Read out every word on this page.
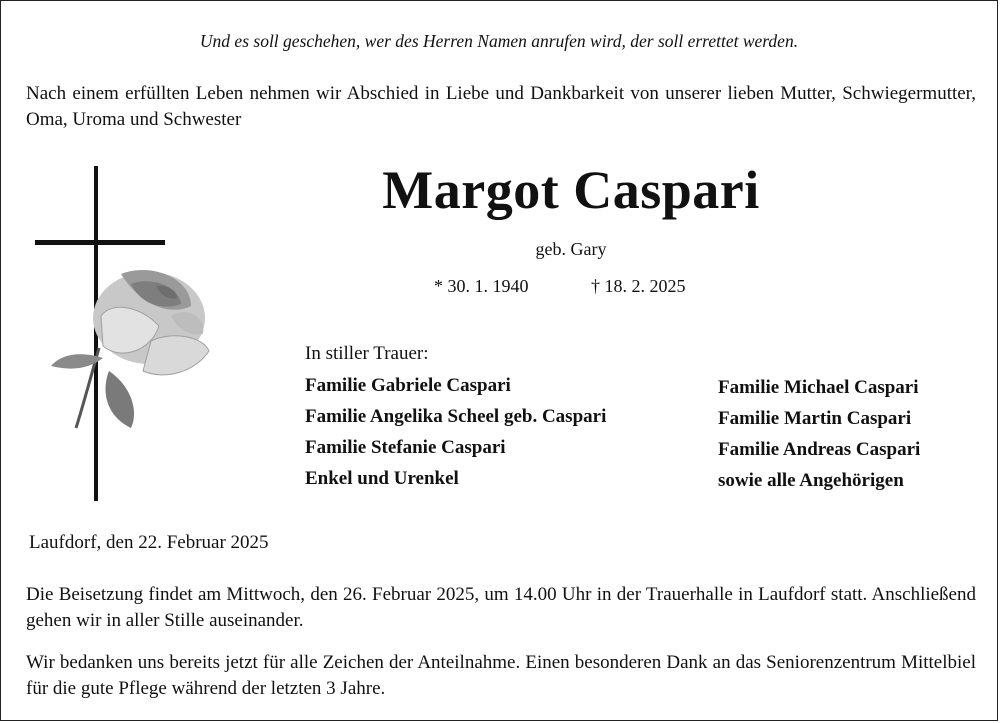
Und es soll geschehen, wer des Herren Namen anrufen wird, der soll errettet werden.
Nach einem erfüllten Leben nehmen wir Abschied in Liebe und Dankbarkeit von unserer lieben Mutter, Schwiegermutter, Oma, Uroma und Schwester
Margot Caspari
geb. Gary
* 30. 1. 1940	† 18. 2. 2025
In stiller Trauer:
Familie Gabriele Caspari
Familie Angelika Scheel geb. Caspari
Familie Stefanie Caspari
Enkel und Urenkel
Familie Michael Caspari
Familie Martin Caspari
Familie Andreas Caspari
sowie alle Angehörigen
Laufdorf, den 22. Februar 2025
Die Beisetzung findet am Mittwoch, den 26. Februar 2025, um 14.00 Uhr in der Trauerhalle in Laufdorf statt. Anschließend gehen wir in aller Stille auseinander.
Wir bedanken uns bereits jetzt für alle Zeichen der Anteilnahme. Einen besonderen Dank an das Seniorenzentrum Mittelbiel für die gute Pflege während der letzten 3 Jahre.
